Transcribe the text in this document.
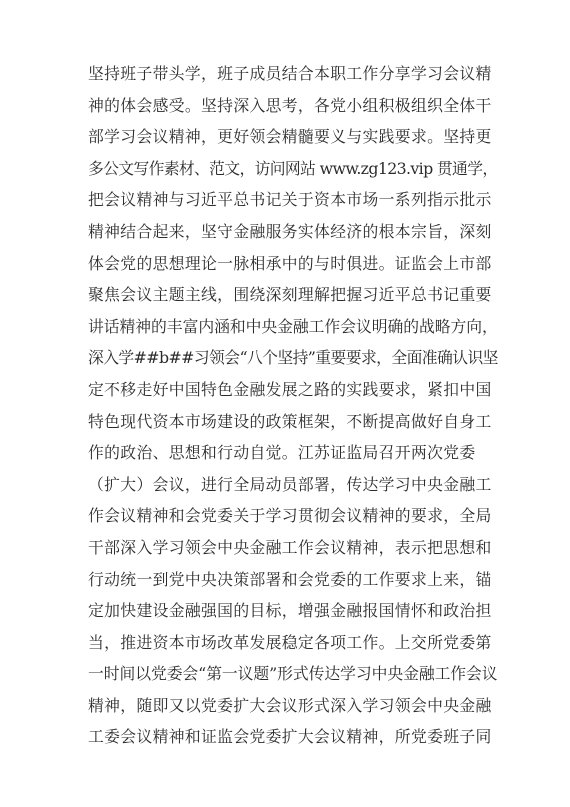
坚持班子带头学，班子成员结合本职工作分享学习会议精
神的体会感受。坚持深入思考，各党小组积极组织全体干
部学习会议精神，更好领会精髓要义与实践要求。坚持更
多公文写作素材、范文，访问网站 www.zg123.vip 贯通学，
把会议精神与习近平总书记关于资本市场一系列指示批示
精神结合起来，坚守金融服务实体经济的根本宗旨，深刻
体会党的思想理论一脉相承中的与时俱进。证监会上市部
聚焦会议主题主线，围绕深刻理解把握习近平总书记重要
讲话精神的丰富内涵和中央金融工作会议明确的战略方向，
深入学##b##习领会“八个坚持”重要要求，全面准确认识坚
定不移走好中国特色金融发展之路的实践要求，紧扣中国
特色现代资本市场建设的政策框架，不断提高做好自身工
作的政治、思想和行动自觉。江苏证监局召开两次党委
（扩大）会议，进行全局动员部署，传达学习中央金融工
作会议精神和会党委关于学习贯彻会议精神的要求，全局
干部深入学习领会中央金融工作会议精神，表示把思想和
行动统一到党中央决策部署和会党委的工作要求上来，锚
定加快建设金融强国的目标，增强金融报国情怀和政治担
当，推进资本市场改革发展稳定各项工作。上交所党委第
一时间以党委会“第一议题”形式传达学习中央金融工作会议
精神，随即又以党委扩大会议形式深入学习领会中央金融
工委会议精神和证监会党委扩大会议精神，所党委班子同
